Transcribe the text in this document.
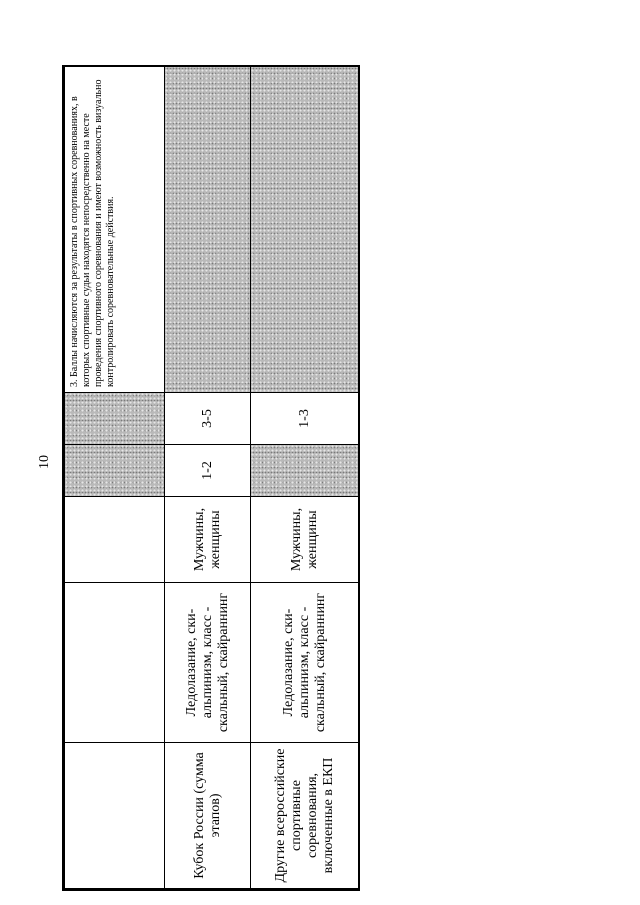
10
					3. Баллы начисляются за результаты в спортивных соревнованиях, в которых спортивные судьи находятся непосредственно на месте проведения спортивного соревнования и имеют возможность визуально контролировать соревновательные действия.
Кубок России (сумма этапов)	Ледолазание, ски-альпинизм, класс - скальный, скайраннинг	Мужчины, женщины	1-2	3-5	
Другие всероссийские спортивные соревнования, включенные в ЕКП	Ледолазание, ски-альпинизм, класс - скальный, скайраннинг	Мужчины, женщины		1-3	
